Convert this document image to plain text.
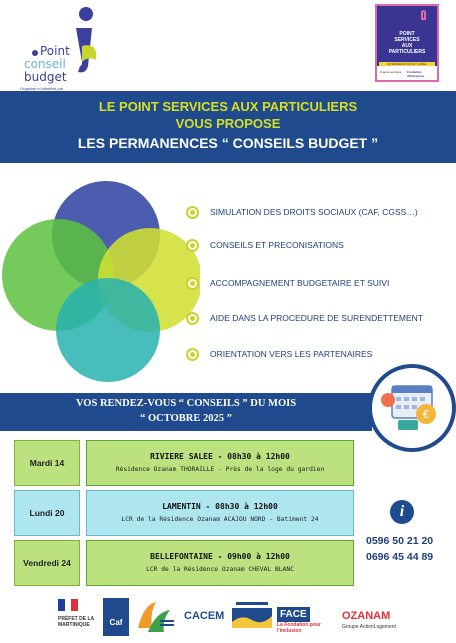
Point
conseil
budget
Organisé et labellisé par
POINT
SERVICES
AUX
PARTICULIERS
INTERMEDIATION ET LABEL
France services Fondation d'Entreprise
LE POINT SERVICES AUX PARTICULIERS
VOUS PROPOSE
LES PERMANENCES “ CONSEILS BUDGET ”
SIMULATION DES DROITS SOCIAUX (CAF, CGSS…)
CONSEILS ET PRECONISATIONS
ACCOMPAGNEMENT BUDGETAIRE ET SUIVI
AIDE DANS LA PROCEDURE DE SURENDETTEMENT
ORIENTATION VERS LES PARTENAIRES
VOS RENDEZ-VOUS “ CONSEILS ” DU MOIS
“ OCTOBRE 2025 ”	€
Mardi 14
RIVIERE SALEE - 08h30 à 12h00
Résidence Ozanam THORAILLE - Près de la loge du gardien
Lundi 20
LAMENTIN - 08h30 à 12h00
LCR de la Résidence Ozanam ACAJOU NORD - Batiment 24
Vendredi 24
BELLEFONTAINE - 09h00 à 12h00
LCR de la Résidence Ozanam CHEVAL BLANC
i
0596 50 21 20
0696 45 44 89
PRÉFET DE LA MARTINIQUE	Caf
CACEM	FACE
La Fondation pour l'inclusion
OZANAM
Groupe ActionLogement
